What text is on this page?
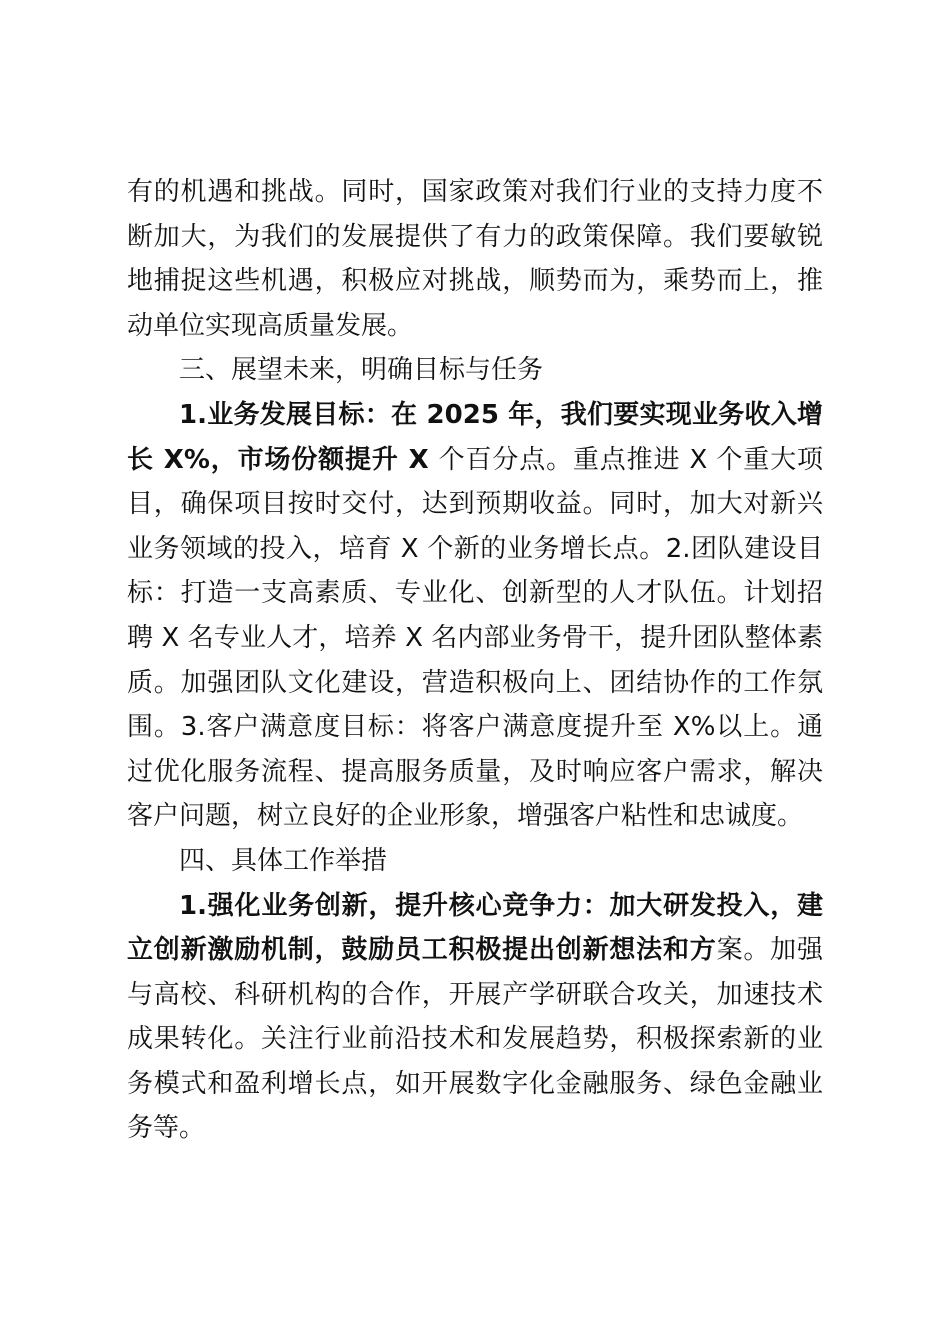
有的机遇和挑战。同时，国家政策对我们行业的支持力度不断加大，为我们的发展提供了有力的政策保障。我们要敏锐地捕捉这些机遇，积极应对挑战，顺势而为，乘势而上，推动单位实现高质量发展。

三、展望未来，明确目标与任务

1.业务发展目标：在 2025 年，我们要实现业务收入增长 X%，市场份额提升 X 个百分点。重点推进 X 个重大项目，确保项目按时交付，达到预期收益。同时，加大对新兴业务领域的投入，培育 X 个新的业务增长点。2.团队建设目标：打造一支高素质、专业化、创新型的人才队伍。计划招聘 X 名专业人才，培养 X 名内部业务骨干，提升团队整体素质。加强团队文化建设，营造积极向上、团结协作的工作氛围。3.客户满意度目标：将客户满意度提升至 X%以上。通过优化服务流程、提高服务质量，及时响应客户需求，解决客户问题，树立良好的企业形象，增强客户粘性和忠诚度。

四、具体工作举措

1.强化业务创新，提升核心竞争力：加大研发投入，建立创新激励机制，鼓励员工积极提出创新想法和方案。加强与高校、科研机构的合作，开展产学研联合攻关，加速技术成果转化。关注行业前沿技术和发展趋势，积极探索新的业务模式和盈利增长点，如开展数字化金融服务、绿色金融业务等。
